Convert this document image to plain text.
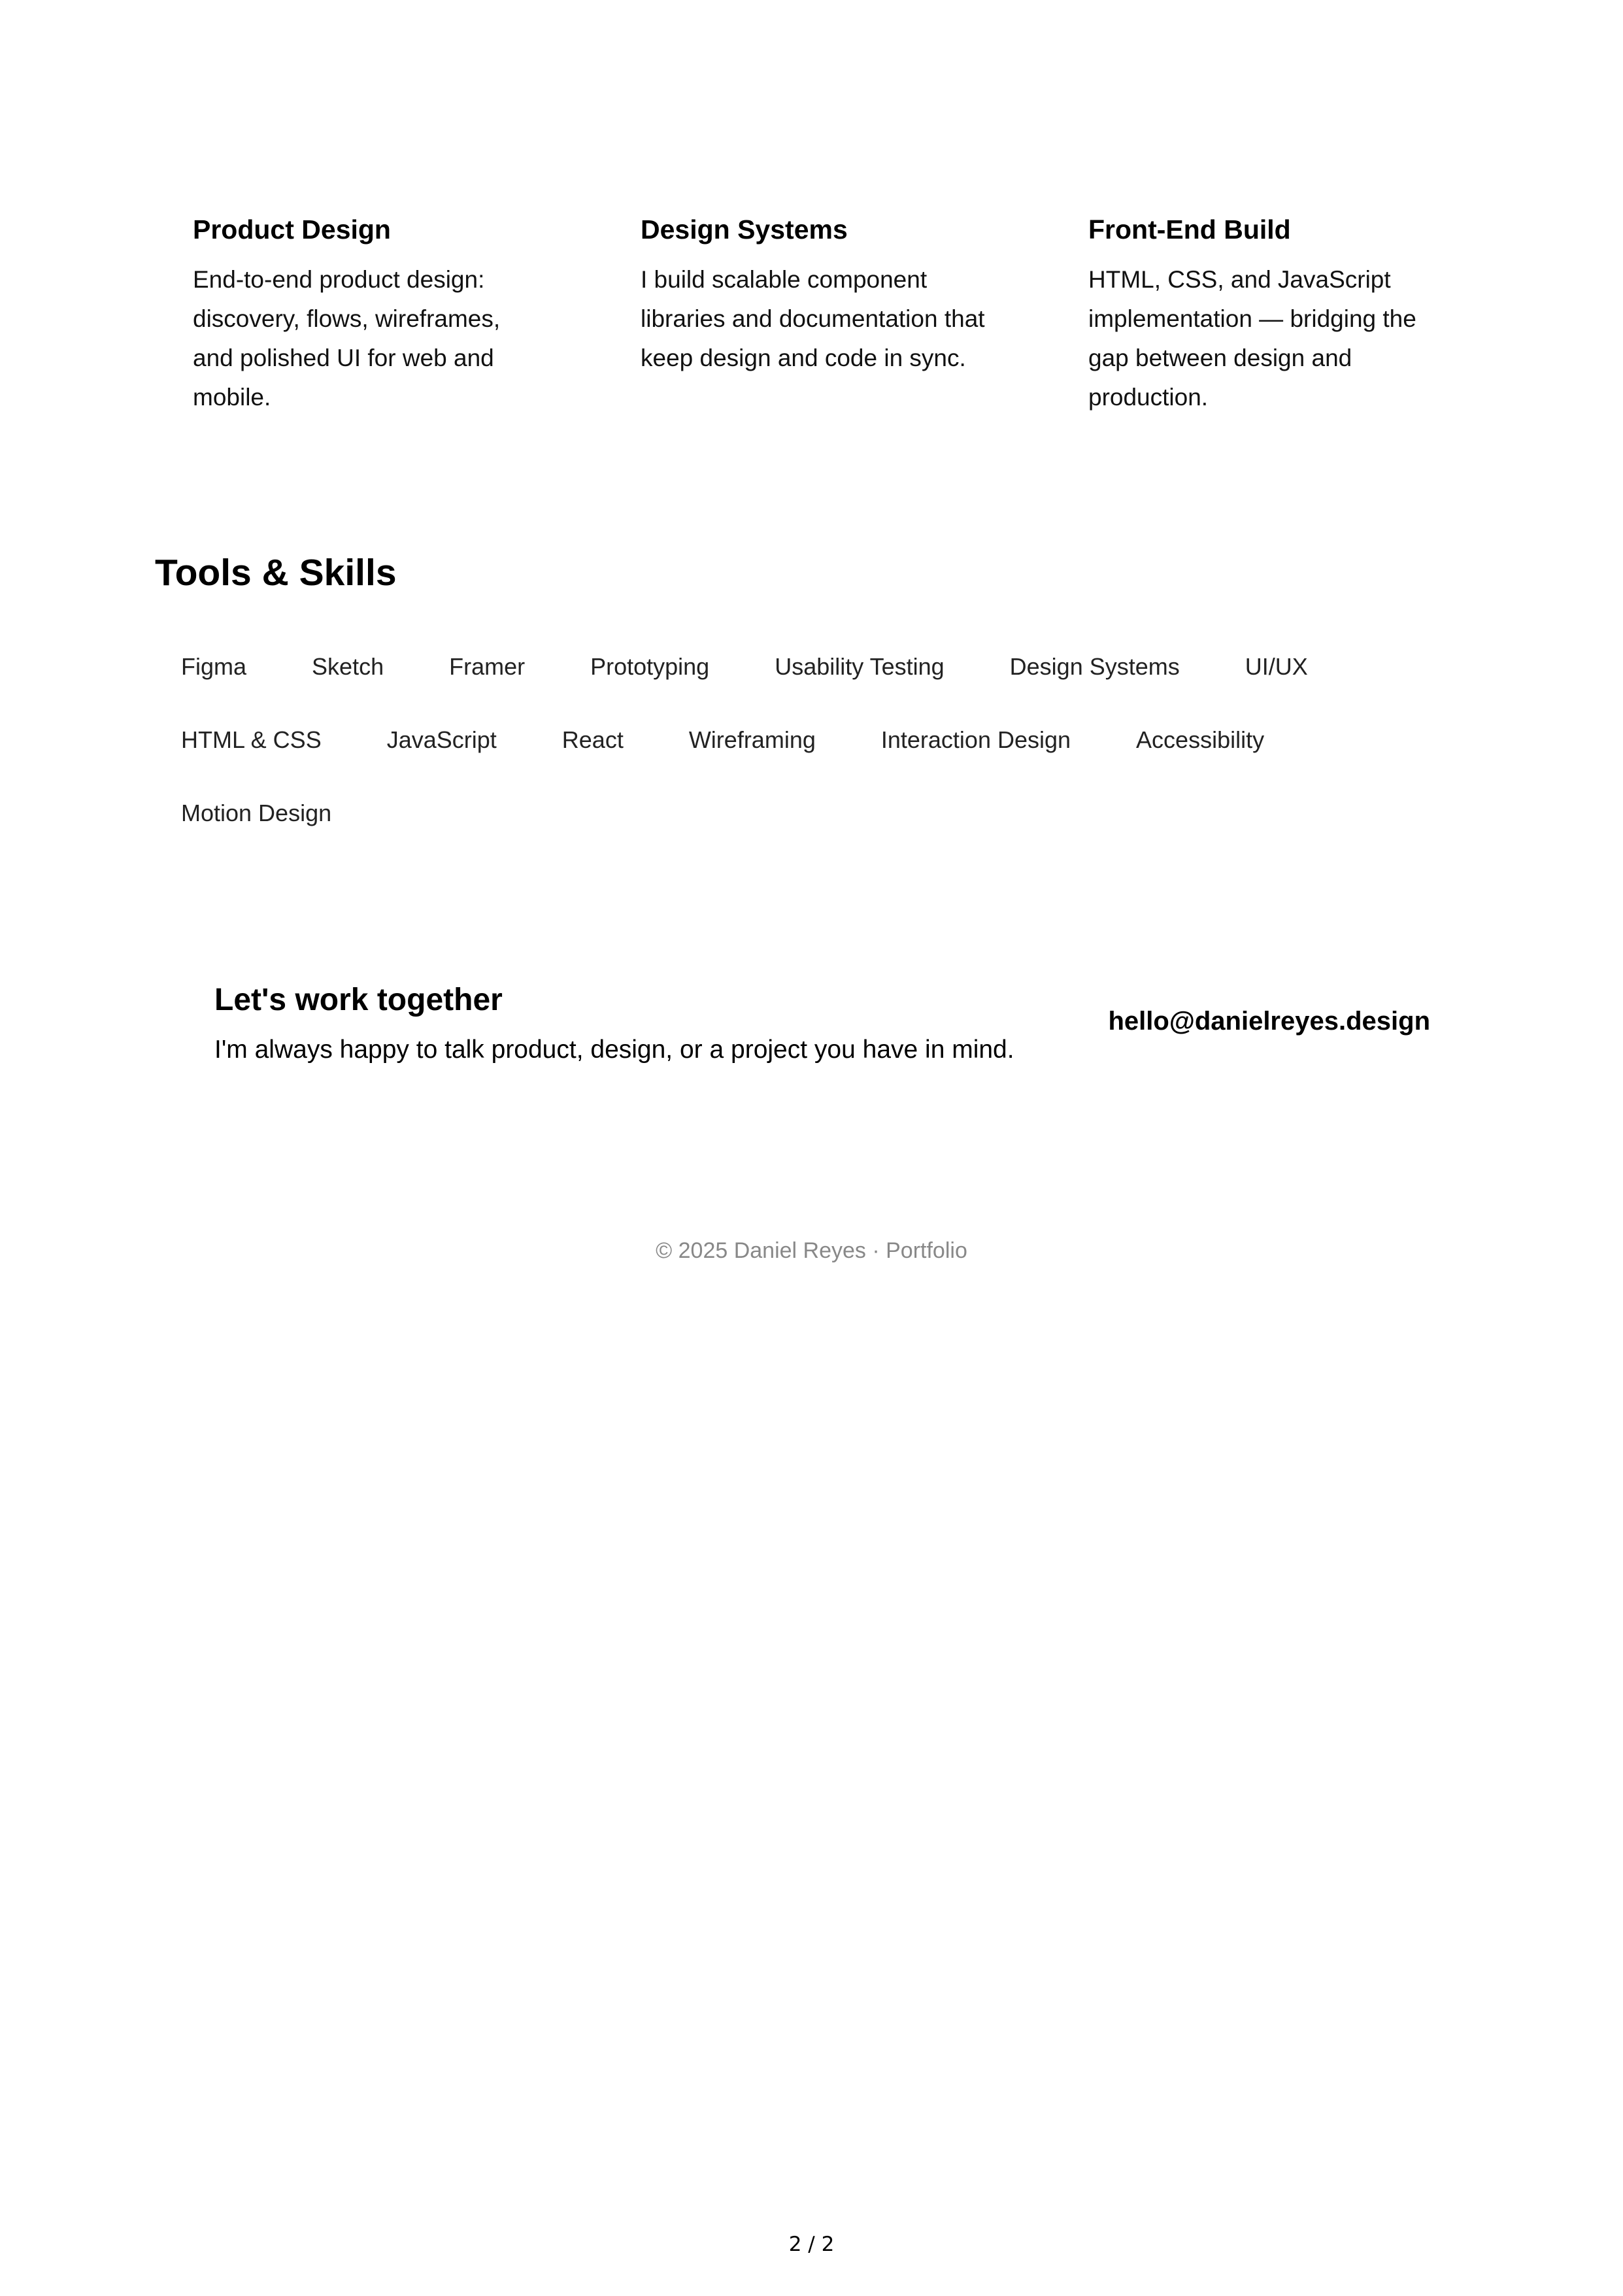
Product Design

End-to-end product design: discovery, flows, wireframes, and polished UI for web and mobile.

Design Systems

I build scalable component libraries and documentation that keep design and code in sync.

Front-End Build

HTML, CSS, and JavaScript implementation — bridging the gap between design and production.

Tools & Skills
Figma	Sketch	Framer	Prototyping	Usability Testing	Design Systems	UI/UX
HTML & CSS	JavaScript	React	Wireframing	Interaction Design	Accessibility
Motion Design
Let's work together

I'm always happy to talk product, design, or a project you have in mind.

hello@danielreyes.design
© 2025 Daniel Reyes · Portfolio
2 / 2
